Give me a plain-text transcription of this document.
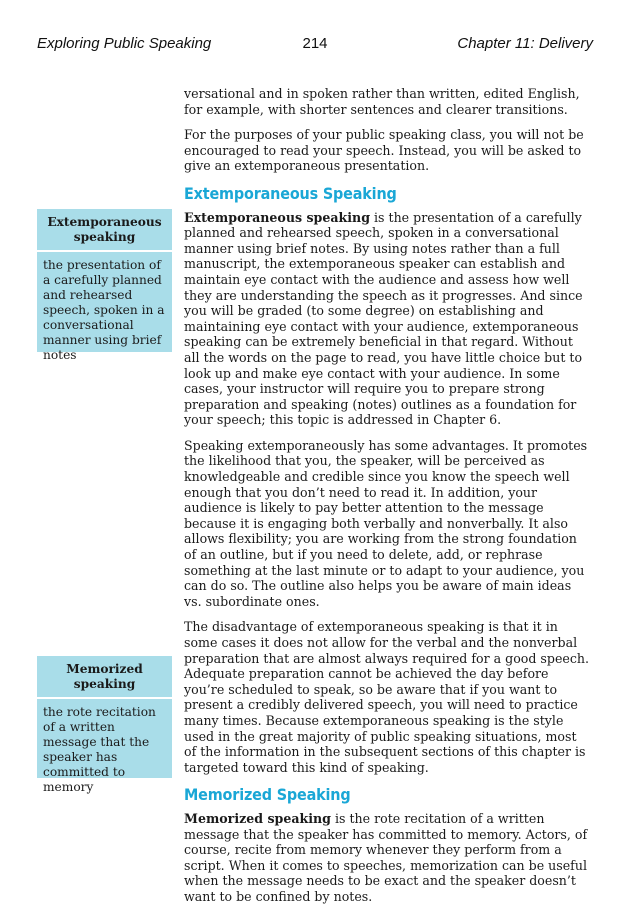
214
Exploring Public Speaking	Chapter 11: Delivery
Extemporaneous speaking
the presentation of a carefully planned and rehearsed speech, spoken in a conversational manner using brief notes
Memorized speaking
the rote recitation of a written message that the speaker has committed to memory

versational and in spoken rather than written, edited English, for example, with shorter sentences and clearer transitions.

For the purposes of your public speaking class, you will not be encouraged to read your speech. Instead, you will be asked to give an extemporaneous presentation.

Extemporaneous Speaking

Extemporaneous speaking is the presentation of a carefully planned and rehearsed speech, spoken in a conversational manner using brief notes. By using notes rather than a full manuscript, the extemporaneous speaker can establish and maintain eye contact with the audience and assess how well they are understanding the speech as it progresses. And since you will be graded (to some degree) on establishing and maintaining eye contact with your audience, extemporaneous speaking can be extremely beneficial in that regard. Without all the words on the page to read, you have little choice but to look up and make eye contact with your audience. In some cases, your instructor will require you to prepare strong preparation and speaking (notes) outlines as a foundation for your speech; this topic is addressed in Chapter 6.

Speaking extemporaneously has some advantages. It promotes the likelihood that you, the speaker, will be perceived as knowledgeable and credible since you know the speech well enough that you don’t need to read it. In addition, your audience is likely to pay better attention to the message because it is engaging both verbally and nonverbally. It also allows flexibility; you are working from the strong foundation of an outline, but if you need to delete, add, or rephrase something at the last minute or to adapt to your audience, you can do so. The outline also helps you be aware of main ideas vs. subordinate ones.

The disadvantage of extemporaneous speaking is that it in some cases it does not allow for the verbal and the nonverbal preparation that are almost always required for a good speech. Adequate preparation cannot be achieved the day before you’re scheduled to speak, so be aware that if you want to present a credibly delivered speech, you will need to practice many times. Because extemporaneous speaking is the style used in the great majority of public speaking situations, most of the information in the subsequent sections of this chapter is targeted toward this kind of speaking.

Memorized Speaking

Memorized speaking is the rote recitation of a written message that the speaker has committed to memory. Actors, of course, recite from memory whenever they perform from a script. When it comes to speeches, memorization can be useful when the message needs to be exact and the speaker doesn’t want to be confined by notes.
